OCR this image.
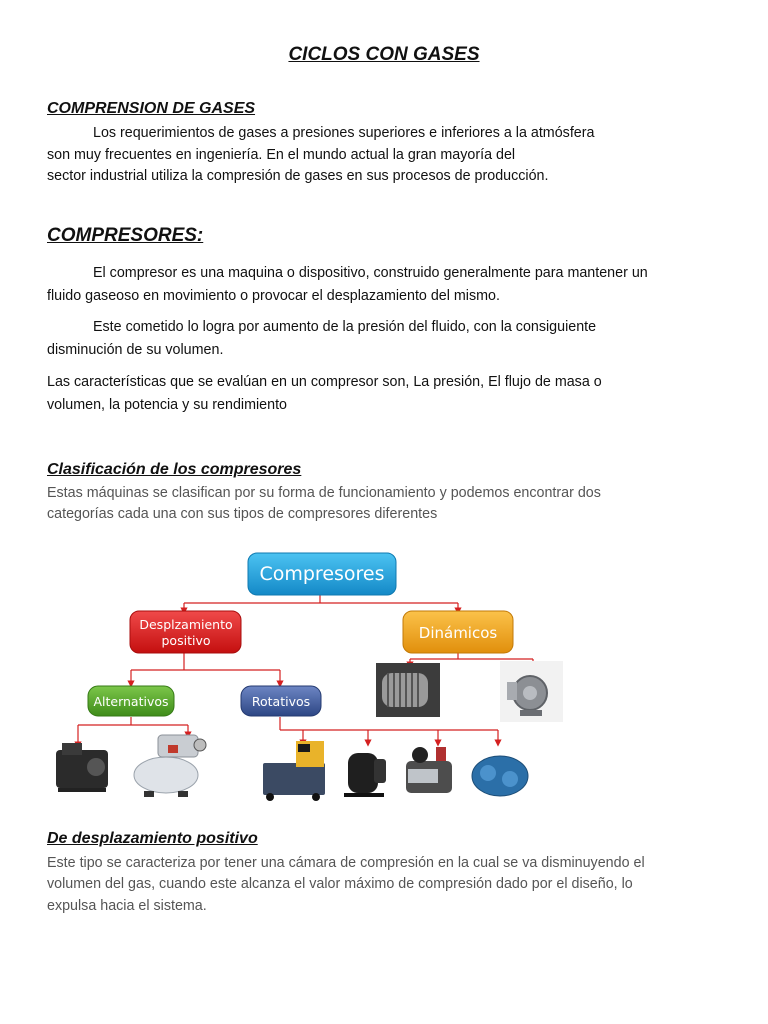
CICLOS CON GASES
COMPRENSION DE GASES
Los requerimientos de gases a presiones superiores e inferiores a la atmósfera
son muy frecuentes en ingeniería. En el mundo actual la gran mayoría del
sector industrial utiliza la compresión de gases en sus procesos de producción.
COMPRESORES:
El compresor es una maquina o dispositivo, construido generalmente para mantener un
fluido gaseoso en movimiento o provocar el desplazamiento del mismo.
Este cometido lo logra por aumento de la presión del fluido, con la consiguiente
disminución de su volumen.
Las características que se evalúan en un compresor son, La presión, El flujo de masa o
volumen, la potencia y su rendimiento
Clasificación de los compresores
Estas máquinas se clasifican por su forma de funcionamiento y podemos encontrar dos
categorías cada una con sus tipos de compresores diferentes
Compresores
Desplzamiento
positivo	Dinámicos
Alternativos	Rotativos
De desplazamiento positivo
Este tipo se caracteriza por tener una cámara de compresión en la cual se va disminuyendo el
volumen del gas, cuando este alcanza el valor máximo de compresión dado por el diseño, lo
expulsa hacia el sistema.
